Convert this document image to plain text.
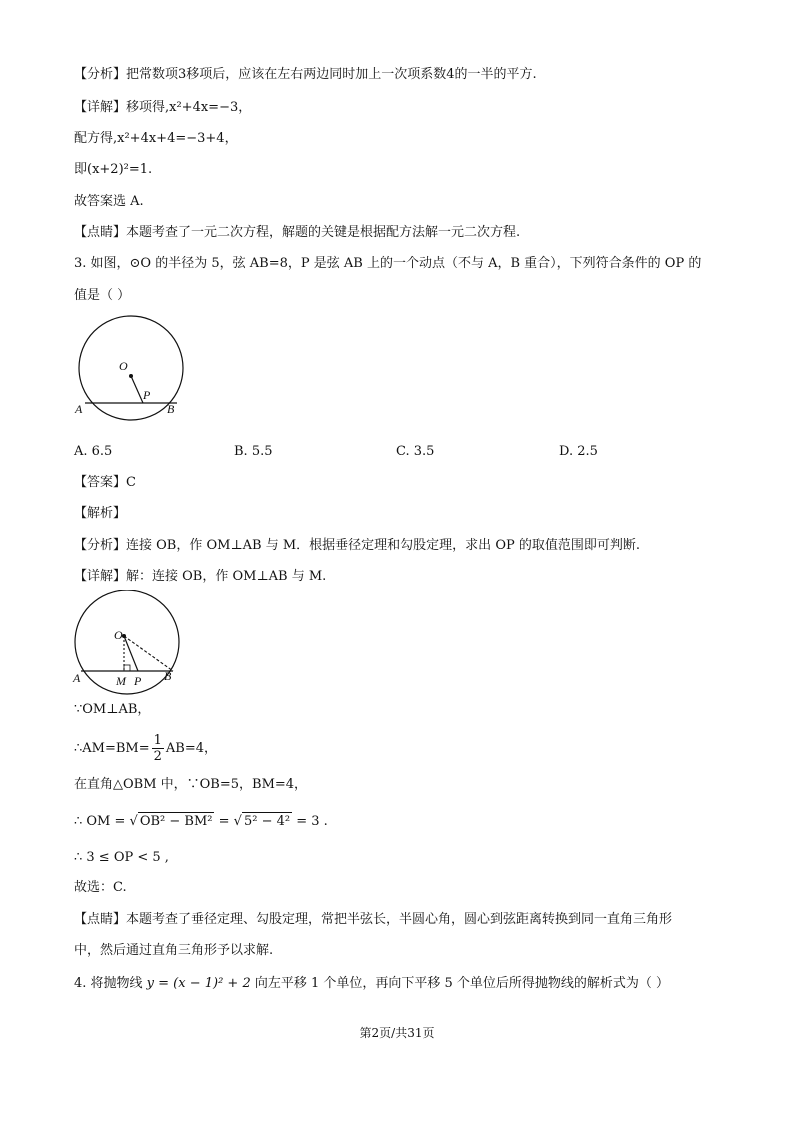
【分析】把常数项3移项后，应该在左右两边同时加上一次项系数4的一半的平方.
【详解】移项得,x²+4x=−3，
配方得,x²+4x+4=−3+4，
即(x+2)²=1.
故答案选 A.
【点睛】本题考查了一元二次方程，解题的关键是根据配方法解一元二次方程.
3. 如图，⊙O 的半径为 5，弦 AB=8，P 是弦 AB 上的一个动点（不与 A，B 重合），下列符合条件的 OP 的
值是（ ）
O
P
A	B
A. 6.5	B. 5.5	C. 3.5	D. 2.5
【答案】C
【解析】
【分析】连接 OB，作 OM⊥AB 与 M．根据垂径定理和勾股定理，求出 OP 的取值范围即可判断.
【详解】解：连接 OB，作 OM⊥AB 与 M.
O
M P
A	B
∵OM⊥AB，
∴AM=BM= $\frac{1}{2} AB=4$，
在直角△OBM 中，∵OB=5，BM=4，
∴ OM = √ OB² − BM² = √ 5² − 4² = 3 .
∴ 3 ≤ OP < 5 ,
故选：C.
【点睛】本题考查了垂径定理、勾股定理，常把半弦长，半圆心角，圆心到弦距离转换到同一直角三角形
中，然后通过直角三角形予以求解.
4. 将抛物线 y = (x − 1)² + 2 向左平移 1 个单位，再向下平移 5 个单位后所得抛物线的解析式为（ ）
第2页/共31页
